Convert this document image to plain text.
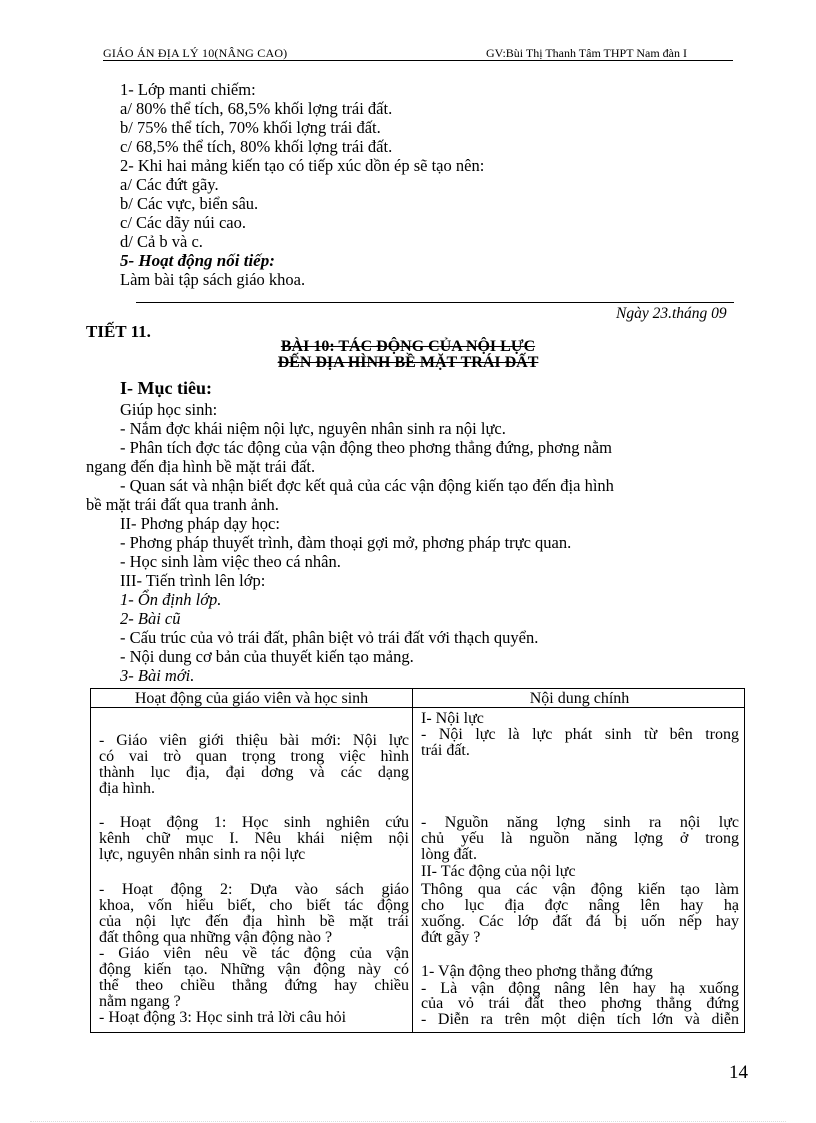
GIÁO ÁN ĐỊA LÝ 10(NÂNG CAO)	GV:Bùi Thị Thanh Tâm THPT Nam đàn I
1- Lớp manti chiếm:
a/ 80% thể tích, 68,5% khối lợng trái đất.
b/ 75% thể tích, 70% khối lợng trái đất.
c/ 68,5% thể tích, 80% khối lợng trái đất.
2- Khi hai mảng kiến tạo có tiếp xúc dồn ép sẽ tạo nên:
a/ Các đứt gãy.
b/ Các vực, biển sâu.
c/ Các dãy núi cao.
d/ Cả b và c.
5- Hoạt động nối tiếp:
Làm bài tập sách giáo khoa.
Ngày 23.tháng 09
TIẾT 11.
BÀI 10: TÁC ĐỘNG CỦA NỘI LỰC
ĐẾN ĐỊA HÌNH BỀ MẶT TRÁI ĐẤT
I- Mục tiêu:
Giúp học sinh:
- Nắm đợc khái niệm nội lực, nguyên nhân sinh ra nội lực.
- Phân tích đợc tác động của vận động theo phơng thẳng đứng, phơng nằm
ngang đến địa hình bề mặt trái đất.
- Quan sát và nhận biết đợc kết quả của các vận động kiến tạo đến địa hình
bề mặt trái đất qua tranh ảnh.
II- Phơng pháp dạy học:
- Phơng pháp thuyết trình, đàm thoại gợi mở, phơng pháp trực quan.
- Học sinh làm việc theo cá nhân.
III- Tiến trình lên lớp:
1- Ổn định lớp.
2- Bài cũ
- Cấu trúc của vỏ trái đất, phân biệt vỏ trái đất với thạch quyển.
- Nội dung cơ bản của thuyết kiến tạo mảng.
3- Bài mới.
Hoạt động của giáo viên và học sinh	Nội dung chính
- Giáo viên giới thiệu bài mới: Nội lực
có vai trò quan trọng trong việc hình
thành lục địa, đại dơng và các dạng
địa hình.
- Hoạt động 1: Học sinh nghiên cứu
kênh chữ mục I. Nêu khái niệm nội
lực, nguyên nhân sinh ra nội lực
- Hoạt động 2: Dựa vào sách giáo
khoa, vốn hiểu biết, cho biết tác động
của nội lực đến địa hình bề mặt trái
đất thông qua những vận động nào ?
- Giáo viên nêu về tác động của vận
động kiến tạo. Những vận động này có
thể theo chiều thẳng đứng hay chiều
nằm ngang ?
- Hoạt động 3: Học sinh trả lời câu hỏi
I- Nội lực
- Nội lực là lực phát sinh từ bên trong
trái đất.
- Nguồn năng lợng sinh ra nội lực
chủ yếu là nguồn năng lợng ở trong
lòng đất.
II- Tác động của nội lực
Thông qua các vận động kiến tạo làm
cho lục địa đợc nâng lên hay hạ
xuống. Các lớp đất đá bị uốn nếp hay
đứt gãy ?
1- Vận động theo phơng thẳng đứng
- Là vận động nâng lên hay hạ xuống
của vỏ trái đất theo phơng thẳng đứng
- Diễn ra trên một diện tích lớn và diễn
14
